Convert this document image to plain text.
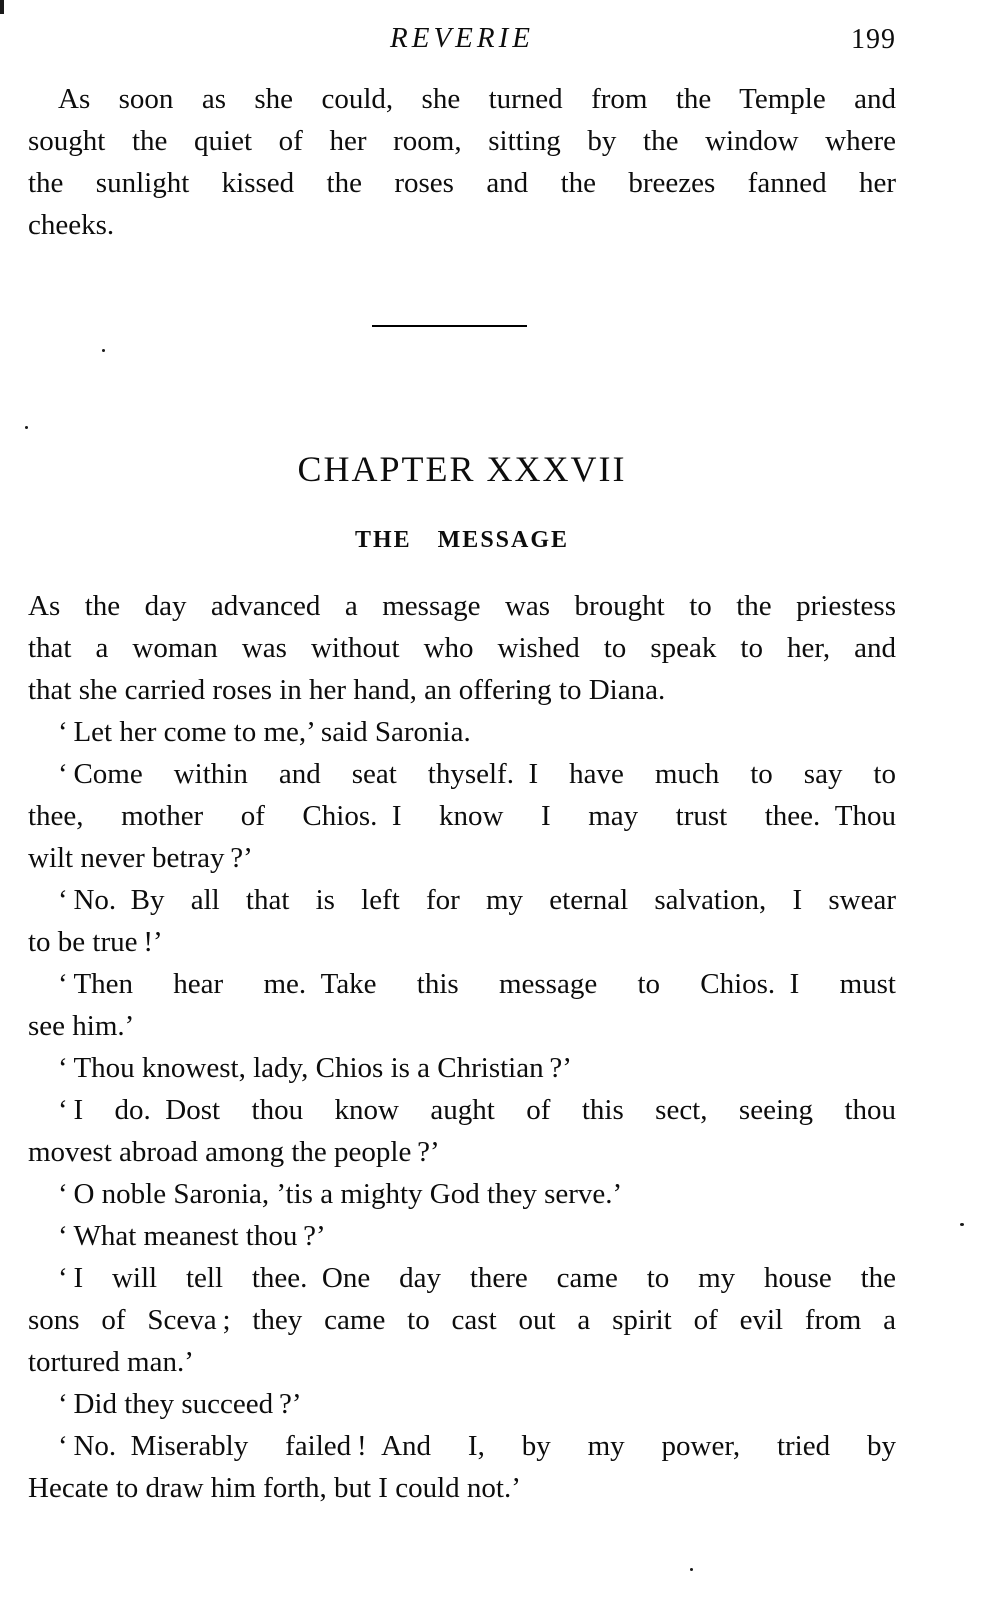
REVERIE	199
As soon as she could, she turned from the Temple and
sought the quiet of her room, sitting by the window where
the sunlight kissed the roses and the breezes fanned her
cheeks.
CHAPTER XXXVII
THE MESSAGE
As the day advanced a message was brought to the priestess
that a woman was without who wished to speak to her, and
that she carried roses in her hand, an offering to Diana.
‘ Let her come to me,’ said Saronia.
‘ Come within and seat thyself. I have much to say to
thee, mother of Chios. I know I may trust thee. Thou
wilt never betray ?’
‘ No. By all that is left for my eternal salvation, I swear
to be true !’
‘ Then hear me. Take this message to Chios. I must
see him.’
‘ Thou knowest, lady, Chios is a Christian ?’
‘ I do. Dost thou know aught of this sect, seeing thou
movest abroad among the people ?’
‘ O noble Saronia, ’tis a mighty God they serve.’
‘ What meanest thou ?’
‘ I will tell thee. One day there came to my house the
sons of Sceva ; they came to cast out a spirit of evil from a
tortured man.’
‘ Did they succeed ?’
‘ No. Miserably failed ! And I, by my power, tried by
Hecate to draw him forth, but I could not.’
